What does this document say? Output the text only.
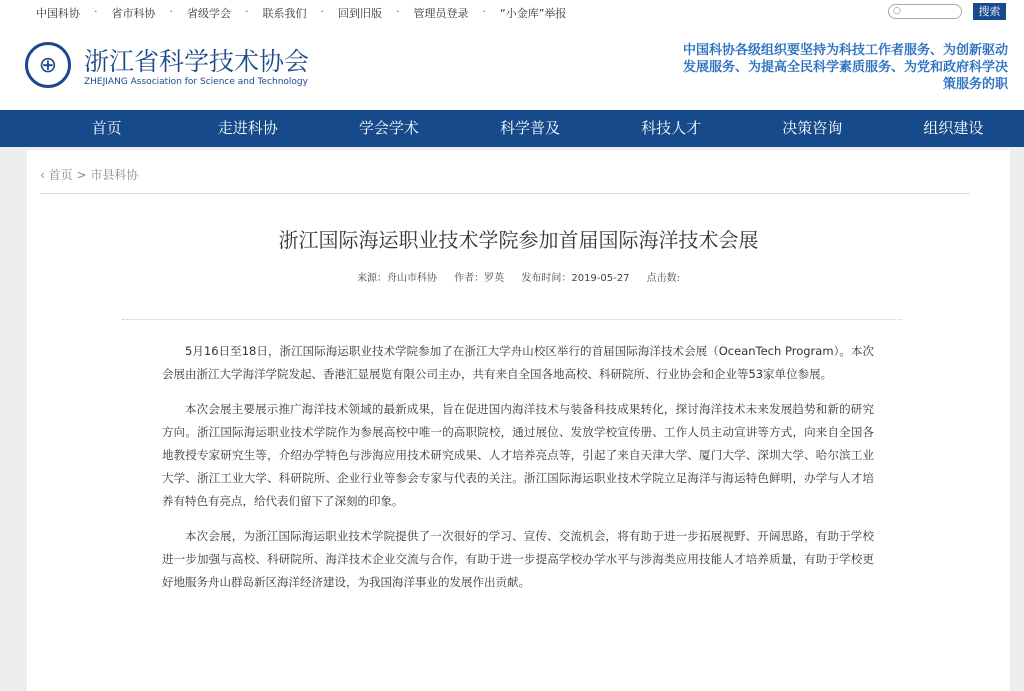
中国科协 · 省市科协 · 省级学会 · 联系我们 · 回到旧版 · 管理员登录 · “小金库”举报	○	搜索
⊕	浙江省科学技术协会
ZHEJIANG Association for Science and Technology
中国科协各级组织要坚持为科技工作者服务、为创新驱动发展服务、为提高全民科学素质服务、为党和政府科学决策服务的职
首页	走进科协	学会学术	科学普及	科技人才	决策咨询	组织建设
‹ 首页 > 市县科协
浙江国际海运职业技术学院参加首届国际海洋技术会展
来源：舟山市科协 作者：罗英 发布时间：2019-05-27 点击数:

5月16日至18日，浙江国际海运职业技术学院参加了在浙江大学舟山校区举行的首届国际海洋技术会展（OceanTech Program）。本次会展由浙江大学海洋学院发起、香港汇显展览有限公司主办，共有来自全国各地高校、科研院所、行业协会和企业等53家单位参展。

本次会展主要展示推广海洋技术领域的最新成果，旨在促进国内海洋技术与装备科技成果转化，探讨海洋技术未来发展趋势和新的研究方向。浙江国际海运职业技术学院作为参展高校中唯一的高职院校，通过展位、发放学校宣传册、工作人员主动宣讲等方式，向来自全国各地教授专家研究生等，介绍办学特色与涉海应用技术研究成果、人才培养亮点等，引起了来自天津大学、厦门大学、深圳大学、哈尔滨工业大学、浙江工业大学、科研院所、企业行业等参会专家与代表的关注。浙江国际海运职业技术学院立足海洋与海运特色鲜明，办学与人才培养有特色有亮点，给代表们留下了深刻的印象。

本次会展，为浙江国际海运职业技术学院提供了一次很好的学习、宣传、交流机会，将有助于进一步拓展视野、开阔思路，有助于学校进一步加强与高校、科研院所、海洋技术企业交流与合作，有助于进一步提高学校办学水平与涉海类应用技能人才培养质量，有助于学校更好地服务舟山群岛新区海洋经济建设，为我国海洋事业的发展作出贡献。
